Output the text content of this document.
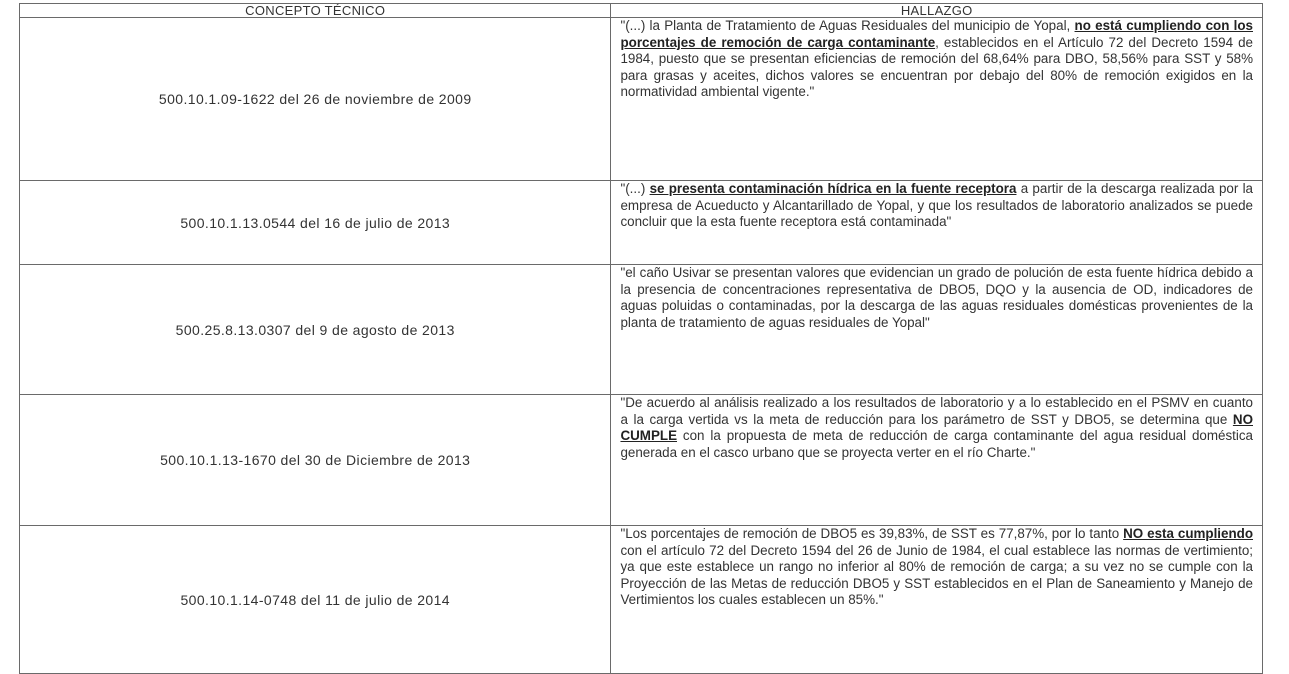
CONCEPTO TÉCNICO	HALLAZGO
500.10.1.09-1622 del 26 de noviembre de 2009	"(...) la Planta de Tratamiento de Aguas Residuales del municipio de Yopal, no está cumpliendo con los porcentajes de remoción de carga contaminante, establecidos en el Artículo 72 del Decreto 1594 de 1984, puesto que se presentan eficiencias de remoción del 68,64% para DBO, 58,56% para SST y 58% para grasas y aceites, dichos valores se encuentran por debajo del 80% de remoción exigidos en la normatividad ambiental vigente."
500.10.1.13.0544 del 16 de julio de 2013	"(...) se presenta contaminación hídrica en la fuente receptora a partir de la descarga realizada por la empresa de Acueducto y Alcantarillado de Yopal, y que los resultados de laboratorio analizados se puede concluir que la esta fuente receptora está contaminada"
500.25.8.13.0307 del 9 de agosto de 2013	"el caño Usivar se presentan valores que evidencian un grado de polución de esta fuente hídrica debido a la presencia de concentraciones representativa de DBO5, DQO y la ausencia de OD, indicadores de aguas poluidas o contaminadas, por la descarga de las aguas residuales domésticas provenientes de la planta de tratamiento de aguas residuales de Yopal"
500.10.1.13-1670 del 30 de Diciembre de 2013	"De acuerdo al análisis realizado a los resultados de laboratorio y a lo establecido en el PSMV en cuanto a la carga vertida vs la meta de reducción para los parámetro de SST y DBO5, se determina que NO CUMPLE con la propuesta de meta de reducción de carga contaminante del agua residual doméstica generada en el casco urbano que se proyecta verter en el río Charte."
500.10.1.14-0748 del 11 de julio de 2014	"Los porcentajes de remoción de DBO5 es 39,83%, de SST es 77,87%, por lo tanto NO esta cumpliendo con el artículo 72 del Decreto 1594 del 26 de Junio de 1984, el cual establece las normas de vertimiento; ya que este establece un rango no inferior al 80% de remoción de carga; a su vez no se cumple con la Proyección de las Metas de reducción DBO5 y SST establecidos en el Plan de Saneamiento y Manejo de Vertimientos los cuales establecen un 85%."
